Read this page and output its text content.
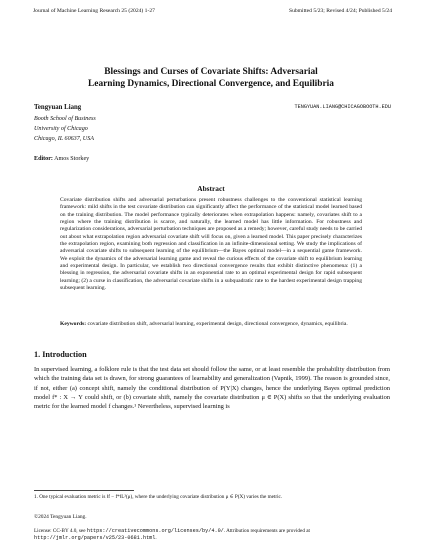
Journal of Machine Learning Research 25 (2024) 1-27	Submitted 5/23; Revised 4/24; Published 5/24
Blessings and Curses of Covariate Shifts: Adversarial
Learning Dynamics, Directional Convergence, and Equilibria
Tengyuan Liang	TENGYUAN.LIANG@CHICAGOBOOTH.EDU
Booth School of Business
University of Chicago
Chicago, IL 60637, USA
Editor: Amos Storkey
Abstract
Covariate distribution shifts and adversarial perturbations present robustness challenges to the conventional statistical learning framework: mild shifts in the test covariate distribution can significantly affect the performance of the statistical model learned based on the training distribution. The model performance typically deteriorates when extrapolation happens: namely, covariates shift to a region where the training distribution is scarce, and naturally, the learned model has little information. For robustness and regularization considerations, adversarial perturbation techniques are proposed as a remedy; however, careful study needs to be carried out about what extrapolation region adversarial covariate shift will focus on, given a learned model. This paper precisely characterizes the extrapolation region, examining both regression and classification in an infinite-dimensional setting. We study the implications of adversarial covariate shifts to subsequent learning of the equilibrium—the Bayes optimal model—in a sequential game framework. We exploit the dynamics of the adversarial learning game and reveal the curious effects of the covariate shift to equilibrium learning and experimental design. In particular, we establish two directional convergence results that exhibit distinctive phenomena: (1) a blessing in regression, the adversarial covariate shifts in an exponential rate to an optimal experimental design for rapid subsequent learning; (2) a curse in classification, the adversarial covariate shifts in a subquadratic rate to the hardest experimental design trapping subsequent learning.
Keywords: covariate distribution shift, adversarial learning, experimental design, directional convergence, dynamics, equilibria.
1. Introduction

In supervised learning, a folklore rule is that the test data set should follow the same, or at least resemble the probability distribution from which the training data set is drawn, for strong guarantees of learnability and generalization (Vapnik, 1999). The reason is grounded since, if not, either (a) concept shift, namely the conditional distribution of P(Y|X) changes, hence the underlying Bayes optimal prediction model f* : X → Y could shift, or (b) covariate shift, namely the covariate distribution μ ∈ P(X) shifts so that the underlying evaluation metric for the learned model f changes.¹ Nevertheless, supervised learning is

1. One typical evaluation metric is ‖f − f*‖L²(μ), where the underlying covariate distribution μ ∈ P(X) varies the metric.
©2024 Tengyuan Liang.
License: CC-BY 4.0, see https://creativecommons.org/licenses/by/4.0/. Attribution requirements are provided at http://jmlr.org/papers/v25/23-0681.html.
